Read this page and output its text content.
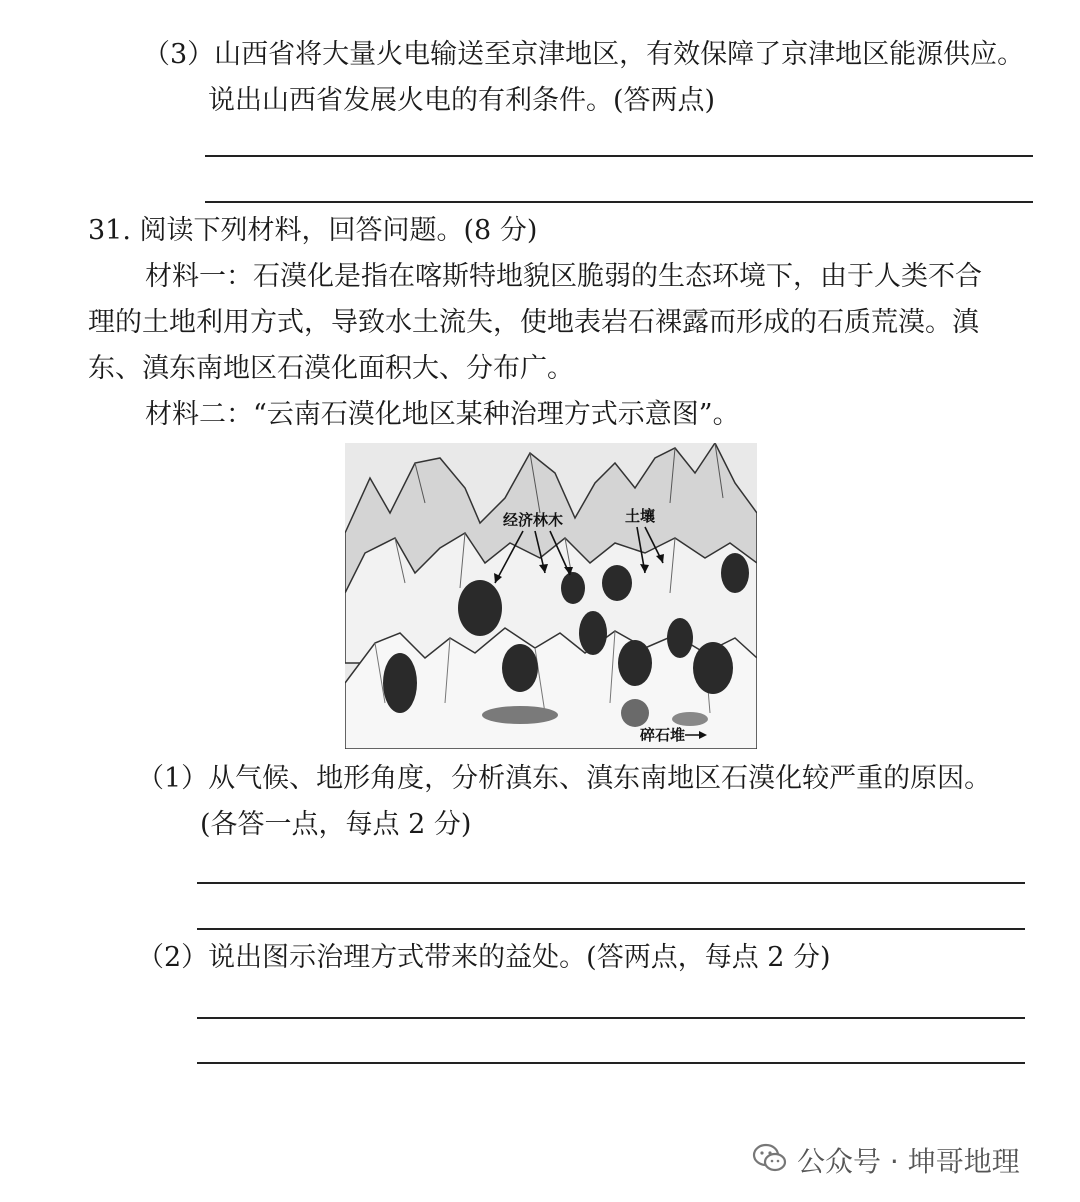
（3）山西省将大量火电输送至京津地区，有效保障了京津地区能源供应。
说出山西省发展火电的有利条件。(答两点)
31. 阅读下列材料，回答问题。(8 分)
材料一：石漠化是指在喀斯特地貌区脆弱的生态环境下，由于人类不合
理的土地利用方式，导致水土流失，使地表岩石裸露而形成的石质荒漠。滇
东、滇东南地区石漠化面积大、分布广。
材料二：“云南石漠化地区某种治理方式示意图”。
经济林木	土壤
碎石堆
（1）从气候、地形角度，分析滇东、滇东南地区石漠化较严重的原因。
(各答一点，每点 2 分)
（2）说出图示治理方式带来的益处。(答两点，每点 2 分)
公众号 · 坤哥地理
